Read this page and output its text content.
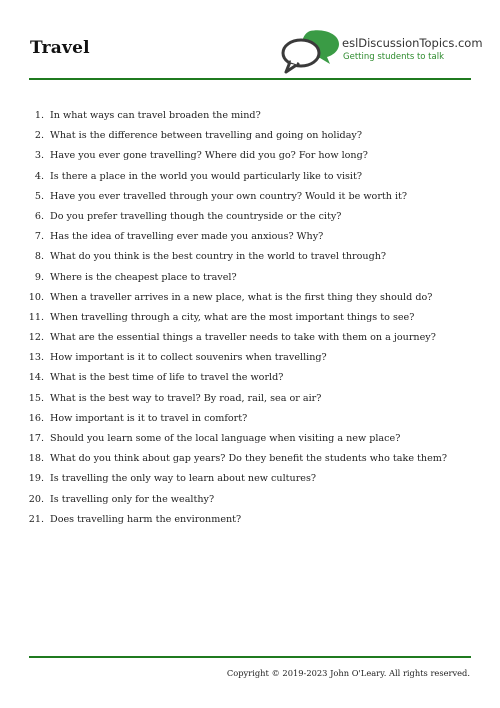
Travel	eslDiscussionTopics.com
Getting students to talk
1. In what ways can travel broaden the mind?
2. What is the difference between travelling and going on holiday?
3. Have you ever gone travelling? Where did you go? For how long?
4. Is there a place in the world you would particularly like to visit?
5. Have you ever travelled through your own country? Would it be worth it?
6. Do you prefer travelling though the countryside or the city?
7. Has the idea of travelling ever made you anxious? Why?
8. What do you think is the best country in the world to travel through?
9. Where is the cheapest place to travel?
10. When a traveller arrives in a new place, what is the first thing they should do?
11. When travelling through a city, what are the most important things to see?
12. What are the essential things a traveller needs to take with them on a journey?
13. How important is it to collect souvenirs when travelling?
14. What is the best time of life to travel the world?
15. What is the best way to travel? By road, rail, sea or air?
16. How important is it to travel in comfort?
17. Should you learn some of the local language when visiting a new place?
18. What do you think about gap years? Do they benefit the students who take them?
19. Is travelling the only way to learn about new cultures?
20. Is travelling only for the wealthy?
21. Does travelling harm the environment?
Copyright © 2019-2023 John O'Leary. All rights reserved.
